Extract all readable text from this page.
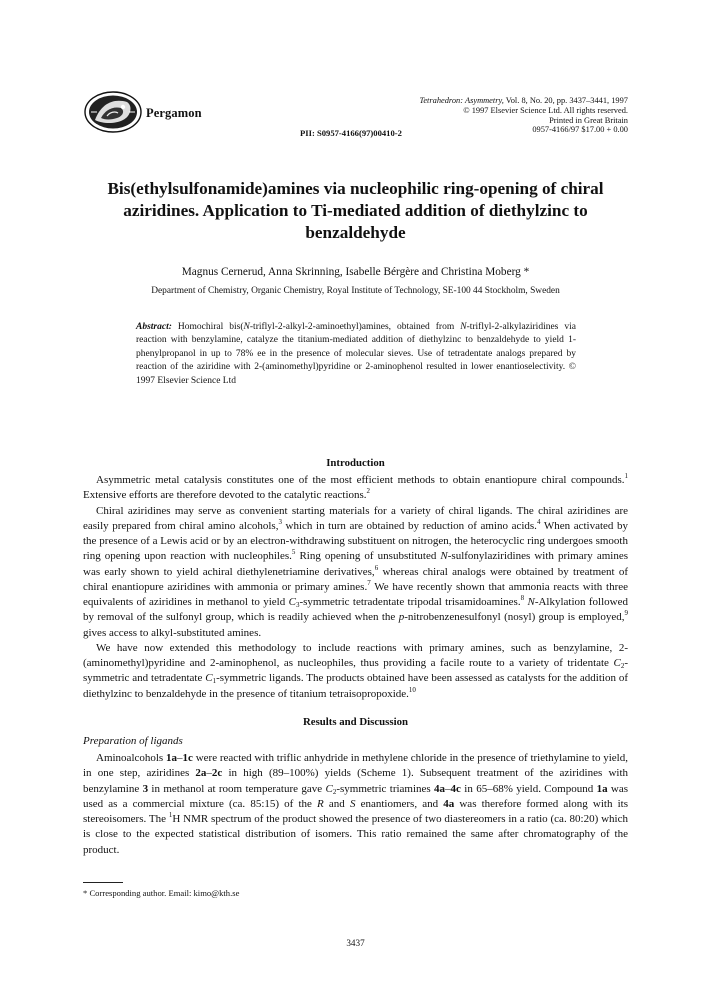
Pergamon
Tetrahedron: Asymmetry, Vol. 8, No. 20, pp. 3437–3441, 1997
© 1997 Elsevier Science Ltd. All rights reserved.
Printed in Great Britain
0957-4166/97 $17.00 + 0.00
PII: S0957-4166(97)00410-2
Bis(ethylsulfonamide)amines via nucleophilic ring-opening of chiral
aziridines. Application to Ti-mediated addition of diethylzinc to
benzaldehyde
Magnus Cernerud, Anna Skrinning, Isabelle Bérgère and Christina Moberg *
Department of Chemistry, Organic Chemistry, Royal Institute of Technology, SE-100 44 Stockholm, Sweden
Abstract: Homochiral bis(N-triflyl-2-alkyl-2-aminoethyl)amines, obtained from N-triflyl-2-alkylaziridines via reaction with benzylamine, catalyze the titanium-mediated addition of diethylzinc to benzaldehyde to yield 1-phenylpropanol in up to 78% ee in the presence of molecular sieves. Use of tetradentate analogs prepared by reaction of the aziridine with 2-(aminomethyl)pyridine or 2-aminophenol resulted in lower enantioselectivity. © 1997 Elsevier Science Ltd
Introduction

Asymmetric metal catalysis constitutes one of the most efficient methods to obtain enantiopure chiral compounds.$^1$ Extensive efforts are therefore devoted to the catalytic reactions.$^2$

Chiral aziridines may serve as convenient starting materials for a variety of chiral ligands. The chiral aziridines are easily prepared from chiral amino alcohols,$^3$ which in turn are obtained by reduction of amino acids.$^4$ When activated by the presence of a Lewis acid or by an electron-withdrawing substituent on nitrogen, the heterocyclic ring undergoes smooth ring opening upon reaction with nucleophiles.$^5$ Ring opening of unsubstituted N-sulfonylaziridines with primary amines was early shown to yield achiral diethylenetriamine derivatives,$^6$ whereas chiral analogs were obtained by treatment of chiral enantiopure aziridines with ammonia or primary amines.$^7$ We have recently shown that ammonia reacts with three equivalents of aziridines in methanol to yield $C_3$-symmetric tetradentate tripodal trisamidoamines.$^8$ N-Alkylation followed by removal of the sulfonyl group, which is readily achieved when the p-nitrobenzenesulfonyl (nosyl) group is employed,$^9$ gives access to alkyl-substituted amines.

We have now extended this methodology to include reactions with primary amines, such as benzylamine, 2-(aminomethyl)pyridine and 2-aminophenol, as nucleophiles, thus providing a facile route to a variety of tridentate $C_2$-symmetric and tetradentate $C_1$-symmetric ligands. The products obtained have been assessed as catalysts for the addition of diethylzinc to benzaldehyde in the presence of titanium tetraisopropoxide.$^{10}$

Results and Discussion
Preparation of ligands

Aminoalcohols 1a–1c were reacted with triflic anhydride in methylene chloride in the presence of triethylamine to yield, in one step, aziridines 2a–2c in high (89–100%) yields (Scheme 1). Subsequent treatment of the aziridines with benzylamine 3 in methanol at room temperature gave $C_2$-symmetric triamines 4a–4c in 65–68% yield. Compound 1a was used as a commercial mixture (ca. 85:15) of the R and S enantiomers, and 4a was therefore formed along with its stereoisomers. The $^1$H NMR spectrum of the product showed the presence of two diastereomers in a ratio (ca. 80:20) which is close to the expected statistical distribution of isomers. This ratio remained the same after chromatography of the product.

* Corresponding author. Email: kimo@kth.se
3437
